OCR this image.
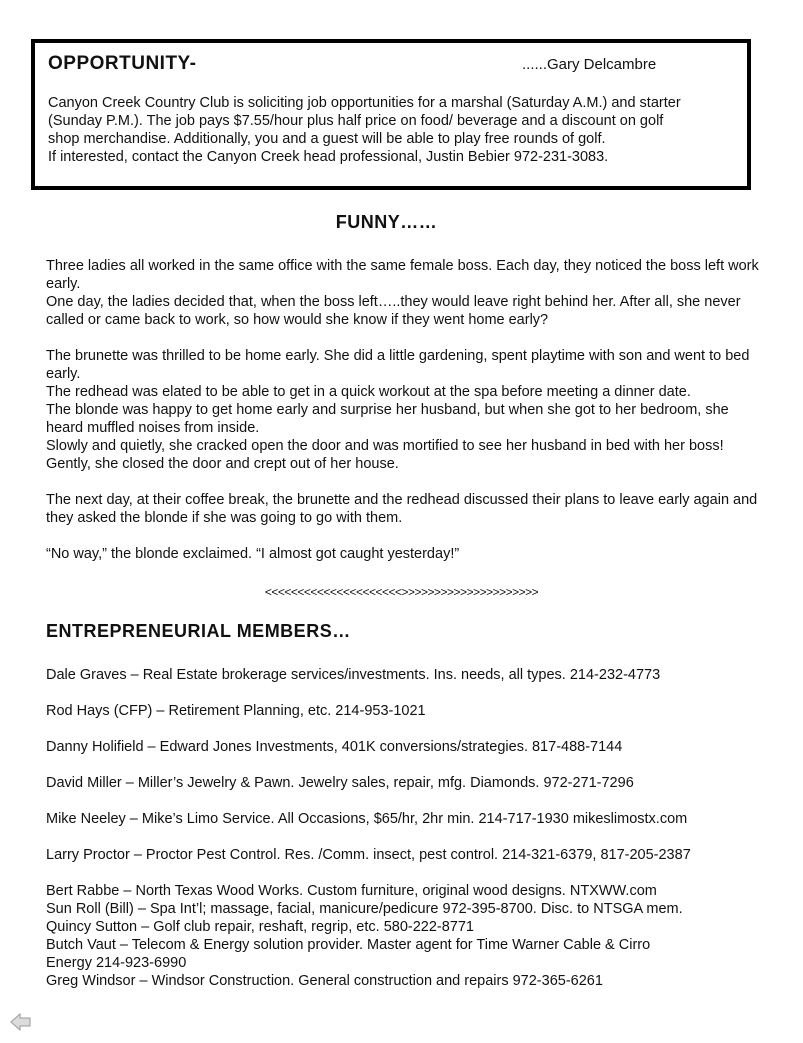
OPPORTUNITY-	......Gary Delcambre
Canyon Creek Country Club is soliciting job opportunities for a marshal (Saturday A.M.) and starter
(Sunday P.M.). The job pays $7.55/hour plus half price on food/ beverage and a discount on golf
shop merchandise. Additionally, you and a guest will be able to play free rounds of golf.
If interested, contact the Canyon Creek head professional, Justin Bebier 972-231-3083.
FUNNY……

Three ladies all worked in the same office with the same female boss. Each day, they noticed the boss left work early.

One day, the ladies decided that, when the boss left…..they would leave right behind her. After all, she never called or came back to work, so how would she know if they went home early?

The brunette was thrilled to be home early. She did a little gardening, spent playtime with son and went to bed early.

The redhead was elated to be able to get in a quick workout at the spa before meeting a dinner date.

The blonde was happy to get home early and surprise her husband, but when she got to her bedroom, she heard muffled noises from inside.

Slowly and quietly, she cracked open the door and was mortified to see her husband in bed with her boss! Gently, she closed the door and crept out of her house.

The next day, at their coffee break, the brunette and the redhead discussed their plans to leave early again and they asked the blonde if she was going to go with them.

“No way,” the blonde exclaimed. “I almost got caught yesterday!”

<<<<<<<<<<<<<<<<<<<<<>>>>>>>>>>>>>>>>>>>>>
ENTREPRENEURIAL MEMBERS…
Dale Graves – Real Estate brokerage services/investments. Ins. needs, all types. 214-232-4773
Rod Hays (CFP) – Retirement Planning, etc. 214-953-1021
Danny Holifield – Edward Jones Investments, 401K conversions/strategies. 817-488-7144
David Miller – Miller’s Jewelry & Pawn. Jewelry sales, repair, mfg. Diamonds. 972-271-7296
Mike Neeley – Mike’s Limo Service. All Occasions, $65/hr, 2hr min. 214-717-1930 mikeslimostx.com
Larry Proctor – Proctor Pest Control. Res. /Comm. insect, pest control. 214-321-6379, 817-205-2387
Bert Rabbe – North Texas Wood Works. Custom furniture, original wood designs. NTXWW.com
Sun Roll (Bill) – Spa Int’l; massage, facial, manicure/pedicure 972-395-8700. Disc. to NTSGA mem.
Quincy Sutton – Golf club repair, reshaft, regrip, etc. 580-222-8771
Butch Vaut – Telecom & Energy solution provider. Master agent for Time Warner Cable & Cirro
Energy 214-923-6990
Greg Windsor – Windsor Construction. General construction and repairs 972-365-6261
